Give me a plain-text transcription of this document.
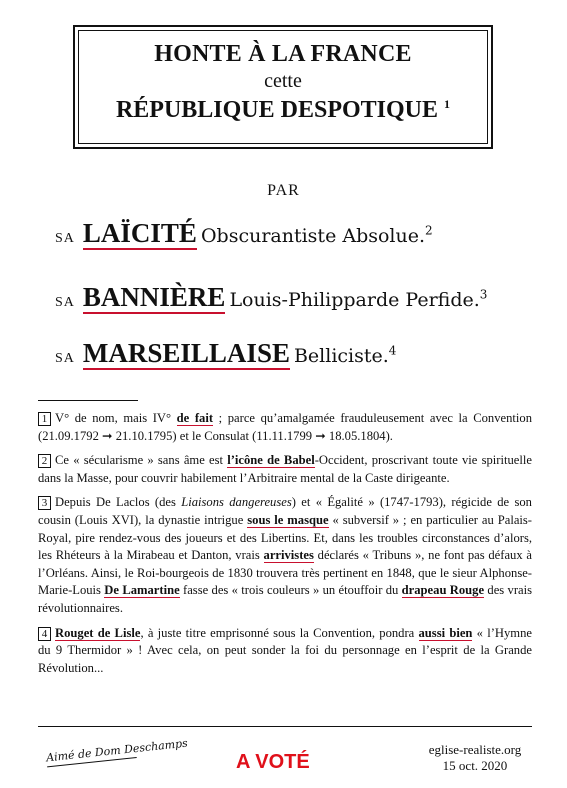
HONTE À LA FRANCE
cette
RÉPUBLIQUE DESPOTIQUE $^1$
PAR
SA LAÏCITÉ Obscurantiste Absolue.$^2$
SA BANNIÈRE Louis-Philipparde Perfide.$^3$
SA MARSEILLAISE Belliciste.$^4$

1 V° de nom, mais IV° de fait ; parce qu’amalgamée frauduleusement avec la Convention (21.09.1792 ➞ 21.10.1795) et le Consulat (11.11.1799 ➞ 18.05.1804).

2 Ce « sécularisme » sans âme est l’icône de Babel-Occident, proscrivant toute vie spirituelle dans la Masse, pour couvrir habilement l’Arbitraire mental de la Caste dirigeante.

3 Depuis De Laclos (des Liaisons dangereuses) et « Égalité » (1747-1793), régicide de son cousin (Louis XVI), la dynastie intrigue sous le masque « subversif » ; en particulier au Palais-Royal, pire rendez-vous des joueurs et des Libertins. Et, dans les troubles circonstances d’alors, les Rhéteurs à la Mirabeau et Danton, vrais arrivistes déclarés « Tribuns », ne font pas défaux à l’Orléans. Ainsi, le Roi-bourgeois de 1830 trouvera très pertinent en 1848, que le sieur Alphonse-Marie-Louis De Lamartine fasse des « trois couleurs » un étouffoir du drapeau Rouge des vrais révolutionnaires.

4 Rouget de Lisle, à juste titre emprisonné sous la Convention, pondra aussi bien « l’Hymne du 9 Thermidor » ! Avec cela, on peut sonder la foi du personnage en l’esprit de la Grande Révolution...

Aimé de Dom Deschamps A VOTÉ
eglise-realiste.org
15 oct. 2020
